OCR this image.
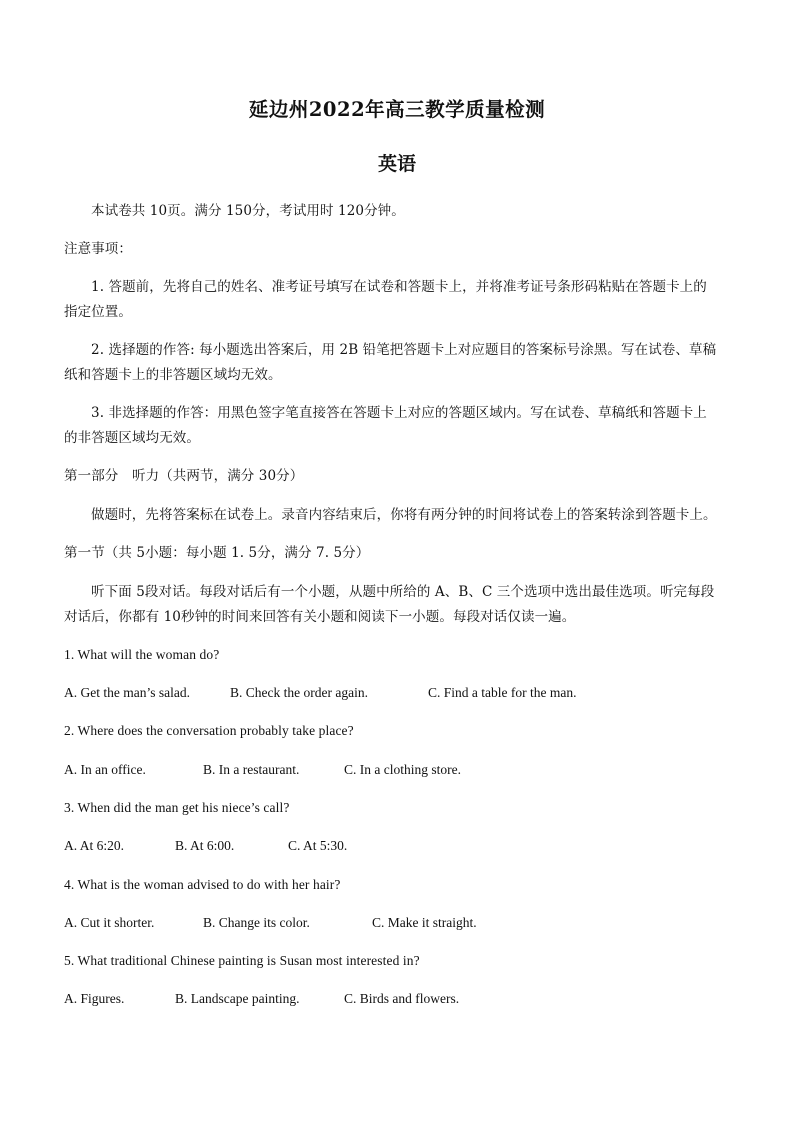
延边州2022年高三教学质量检测
英语
本试卷共 10页。满分 150分，考试用时 120分钟。
注意事项：
1. 答题前，先将自己的姓名、准考证号填写在试卷和答题卡上，并将准考证号条形码粘贴在答题卡上的
指定位置。
2. 选择题的作答: 每小题选出答案后，用 2B 铅笔把答题卡上对应题目的答案标号涂黑。写在试卷、草稿
纸和答题卡上的非答题区域均无效。
3. 非选择题的作答：用黑色签字笔直接答在答题卡上对应的答题区域内。写在试卷、草稿纸和答题卡上
的非答题区域均无效。
第一部分　听力（共两节，满分 30分）
做题时，先将答案标在试卷上。录音内容结束后，你将有两分钟的时间将试卷上的答案转涂到答题卡上。
第一节（共 5小题：每小题 1. 5分，满分 7. 5分）
听下面 5段对话。每段对话后有一个小题，从题中所给的 A、B、C 三个选项中选出最佳选项。听完每段
对话后，你都有 10秒钟的时间来回答有关小题和阅读下一小题。每段对话仅读一遍。
1. What will the woman do?
A. Get the man’s salad.	B. Check the order again.	C. Find a table for the man.
2. Where does the conversation probably take place?
A. In an office.	B. In a restaurant.	C. In a clothing store.
3. When did the man get his niece’s call?
A. At 6:20.	B. At 6:00.	C. At 5:30.
4. What is the woman advised to do with her hair?
A. Cut it shorter.	B. Change its color.	C. Make it straight.
5. What traditional Chinese painting is Susan most interested in?
A. Figures.	B. Landscape painting.	C. Birds and flowers.
